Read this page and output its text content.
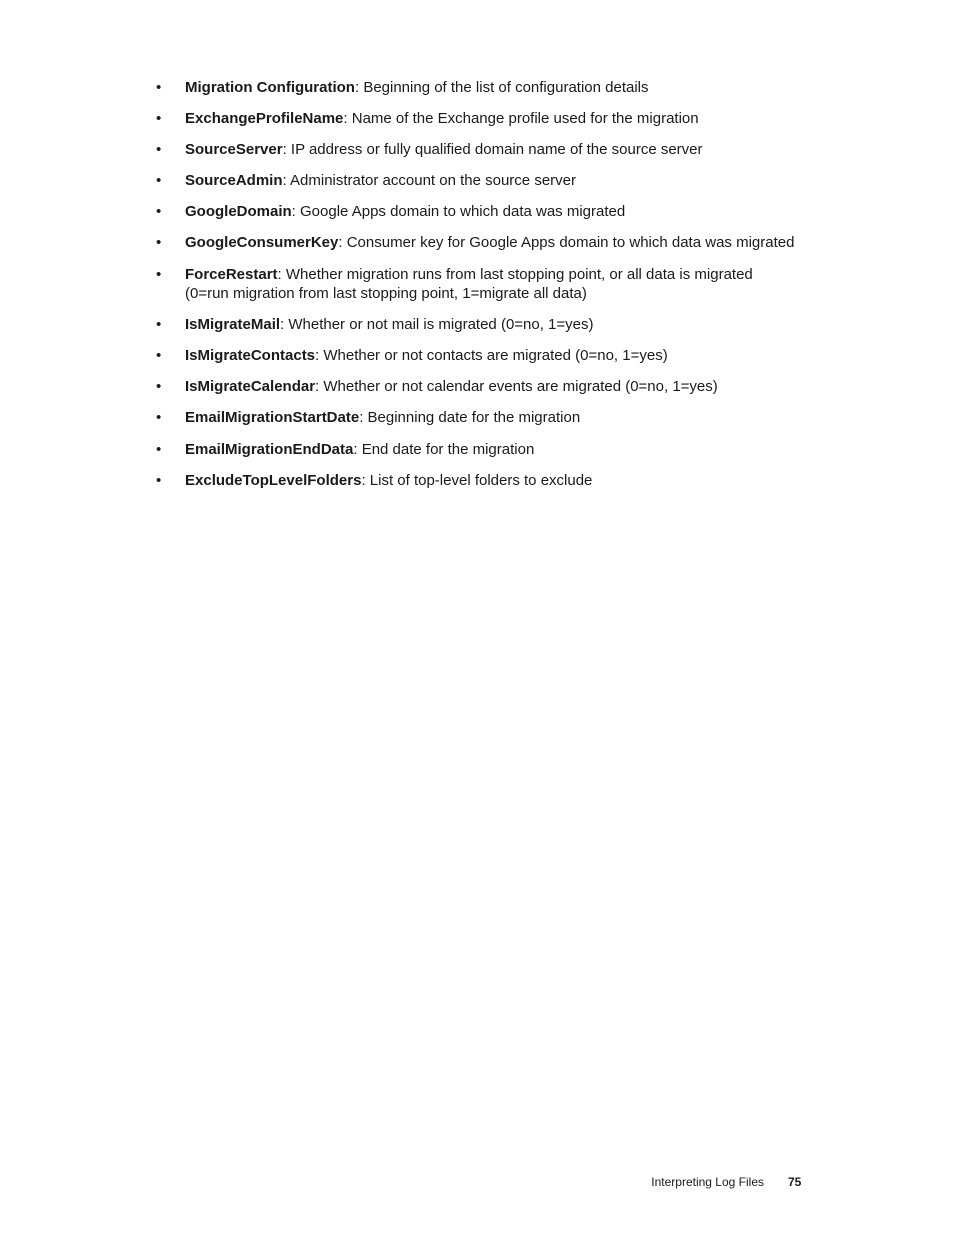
•	Migration Configuration: Beginning of the list of configuration details
•	ExchangeProfileName: Name of the Exchange profile used for the migration
•	SourceServer: IP address or fully qualified domain name of the source server
•	SourceAdmin: Administrator account on the source server
•	GoogleDomain: Google Apps domain to which data was migrated
•	GoogleConsumerKey: Consumer key for Google Apps domain to which data was migrated
•	ForceRestart: Whether migration runs from last stopping point, or all data is migrated (0=run migration from last stopping point, 1=migrate all data)
•	IsMigrateMail: Whether or not mail is migrated (0=no, 1=yes)
•	IsMigrateContacts: Whether or not contacts are migrated (0=no, 1=yes)
•	IsMigrateCalendar: Whether or not calendar events are migrated (0=no, 1=yes)
•	EmailMigrationStartDate: Beginning date for the migration
•	EmailMigrationEndData: End date for the migration
•	ExcludeTopLevelFolders: List of top-level folders to exclude
Interpreting Log Files 75
